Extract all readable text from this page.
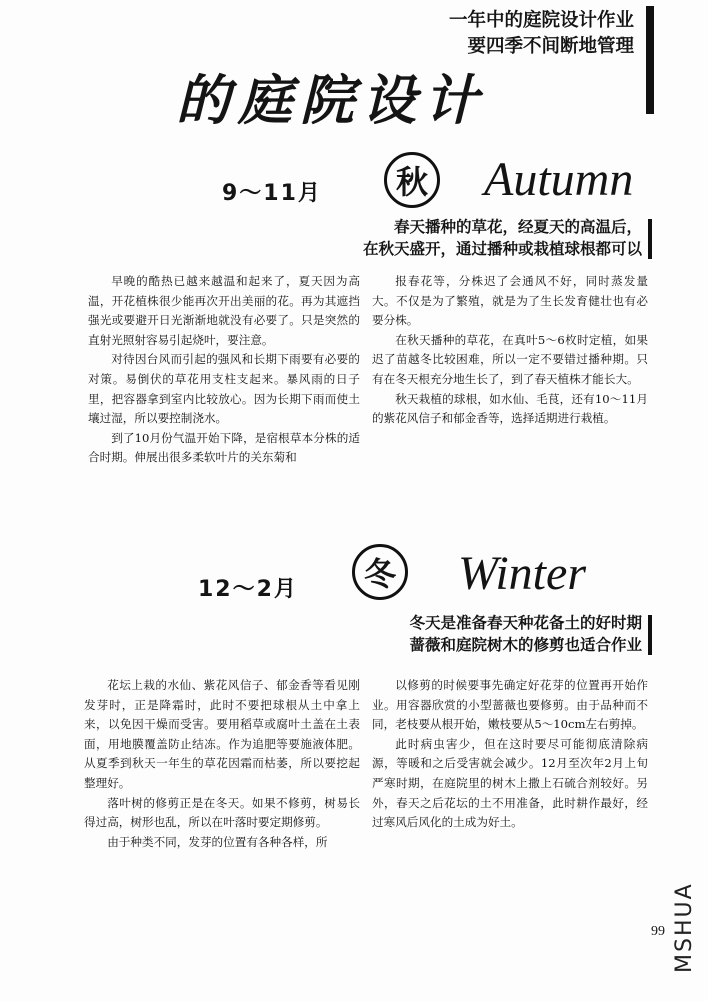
一年中的庭院设计作业
要四季不间断地管理
的庭院设计
9～11月 秋 Autumn
春天播种的草花，经夏天的高温后，
在秋天盛开，通过播种或栽植球根都可以

早晚的酷热已越来越温和起来了，夏天因为高温，开花植株很少能再次开出美丽的花。再为其遮挡强光或要避开日光渐渐地就没有必要了。只是突然的直射光照射容易引起烧叶，要注意。

对待因台风而引起的强风和长期下雨要有必要的对策。易倒伏的草花用支柱支起来。暴风雨的日子里，把容器拿到室内比较放心。因为长期下雨而使土壤过湿，所以要控制浇水。

到了10月份气温开始下降，是宿根草本分株的适合时期。伸展出很多柔软叶片的关东菊和

报春花等，分株迟了会通风不好，同时蒸发量大。不仅是为了繁殖，就是为了生长发育健壮也有必要分株。

在秋天播种的草花，在真叶5～6枚时定植，如果迟了苗越冬比较困难，所以一定不要错过播种期。只有在冬天根充分地生长了，到了春天植株才能长大。

秋天栽植的球根，如水仙、毛茛，还有10～11月的紫花风信子和郁金香等，选择适期进行栽植。

12～2月 冬 Winter
冬天是准备春天种花备土的好时期
蔷薇和庭院树木的修剪也适合作业

花坛上栽的水仙、紫花风信子、郁金香等看见刚发芽时，正是降霜时，此时不要把球根从土中拿上来，以免因干燥而受害。要用稻草或腐叶土盖在土表面，用地膜覆盖防止结冻。作为追肥等要施液体肥。从夏季到秋天一年生的草花因霜而枯萎，所以要挖起整理好。

落叶树的修剪正是在冬天。如果不修剪，树易长得过高，树形也乱，所以在叶落时要定期修剪。

由于种类不同，发芽的位置有各种各样，所

以修剪的时候要事先确定好花芽的位置再开始作业。用容器欣赏的小型蔷薇也要修剪。由于品种而不同，老枝要从根开始，嫩枝要从5～10cm左右剪掉。

此时病虫害少，但在这时要尽可能彻底清除病源，等暖和之后受害就会减少。12月至次年2月上旬严寒时期，在庭院里的树木上撒上石硫合剂较好。另外，春天之后花坛的土不用准备，此时耕作最好，经过寒风后风化的土成为好土。

99 MSHUA
